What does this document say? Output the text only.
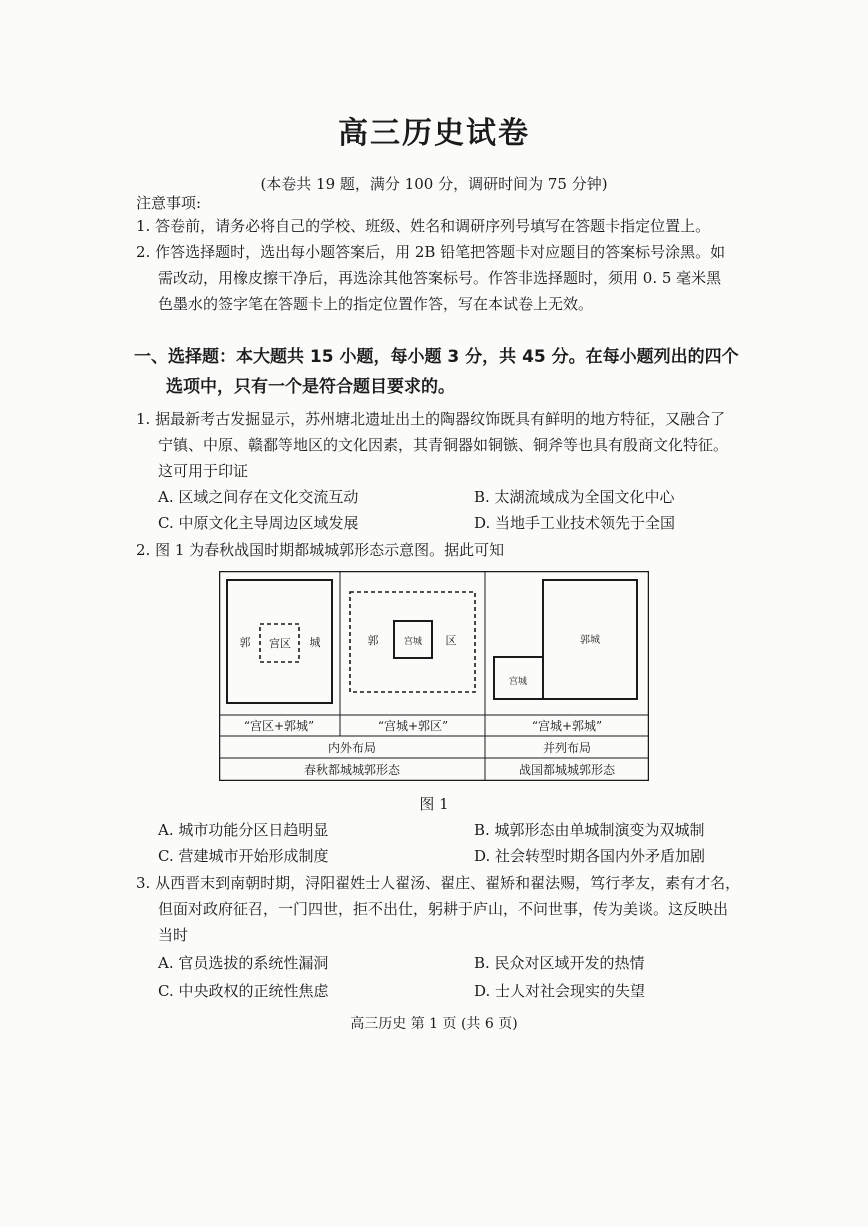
高三历史试卷
(本卷共 19 题，满分 100 分，调研时间为 75 分钟)
注意事项:
1. 答卷前，请务必将自己的学校、班级、姓名和调研序列号填写在答题卡指定位置上。
2. 作答选择题时，选出每小题答案后，用 2B 铅笔把答题卡对应题目的答案标号涂黑。如
需改动，用橡皮擦干净后，再选涂其他答案标号。作答非选择题时，须用 0. 5 毫米黑
色墨水的签字笔在答题卡上的指定位置作答，写在本试卷上无效。
一、选择题：本大题共 15 小题，每小题 3 分，共 45 分。在每小题列出的四个
选项中，只有一个是符合题目要求的。
1. 据最新考古发掘显示，苏州塘北遗址出土的陶器纹饰既具有鲜明的地方特征，又融合了
宁镇、中原、赣鄱等地区的文化因素，其青铜器如铜镞、铜斧等也具有殷商文化特征。
这可用于印证
A. 区域之间存在文化交流互动	B. 太湖流域成为全国文化中心
C. 中原文化主导周边区域发展	D. 当地手工业技术领先于全国
2. 图 1 为春秋战国时期都城城郭形态示意图。据此可知
郭 宫区 城	郭	宫城 区	郭城
宫城
“宫区+郭城”	“宫城+郭区”	“宫城+郭城”
内外布局	并列布局
春秋都城城郭形态	战国都城城郭形态
图 1
A. 城市功能分区日趋明显	B. 城郭形态由单城制演变为双城制
C. 营建城市开始形成制度	D. 社会转型时期各国内外矛盾加剧
3. 从西晋末到南朝时期，浔阳翟姓士人翟汤、翟庄、翟矫和翟法赐，笃行孝友，素有才名，
但面对政府征召，一门四世，拒不出仕，躬耕于庐山，不问世事，传为美谈。这反映出
当时
A. 官员选拔的系统性漏洞	B. 民众对区域开发的热情
C. 中央政权的正统性焦虑	D. 士人对社会现实的失望
高三历史 第 1 页 (共 6 页)
